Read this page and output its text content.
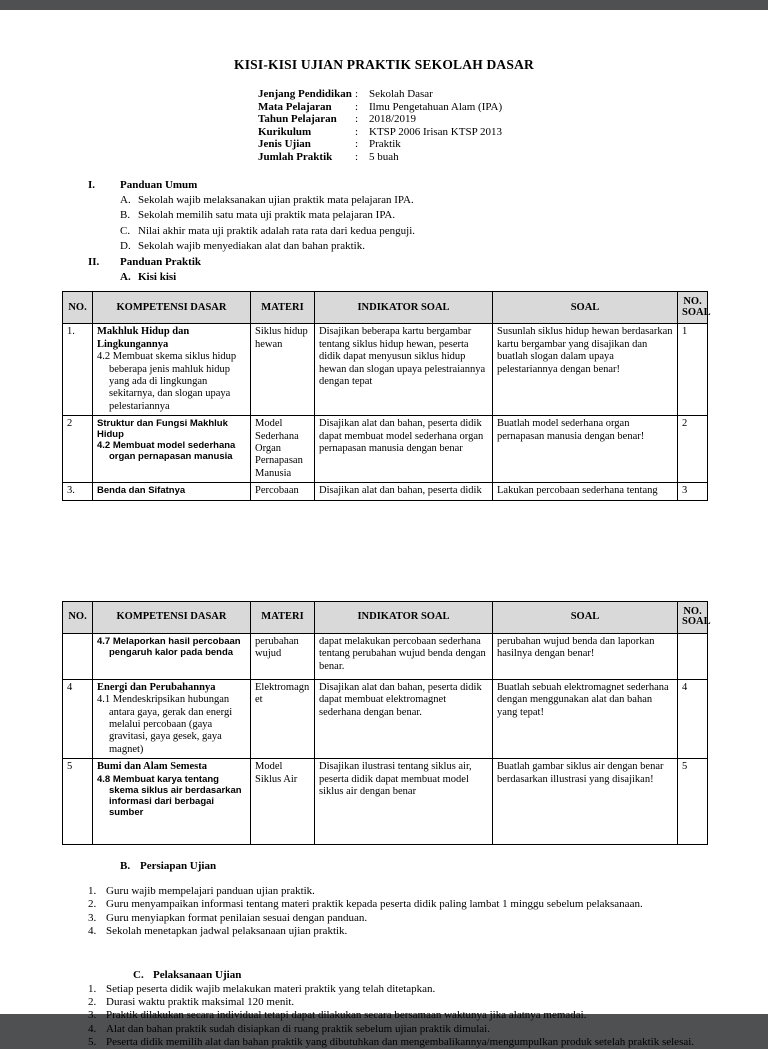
KISI-KISI UJIAN PRAKTIK SEKOLAH DASAR
Jenjang Pendidikan : Sekolah Dasar
Mata Pelajaran	: Ilmu Pengetahuan Alam (IPA)
Tahun Pelajaran	: 2018/2019
Kurikulum	: KTSP 2006 Irisan KTSP 2013
Jenis Ujian	: Praktik
Jumlah Praktik	: 5 buah
I.	Panduan Umum
A. Sekolah wajib melaksanakan ujian praktik mata pelajaran IPA.
B. Sekolah memilih satu mata uji praktik mata pelajaran IPA.
C. Nilai akhir mata uji praktik adalah rata rata dari kedua penguji.
D. Sekolah wajib menyediakan alat dan bahan praktik.
II.	Panduan Praktik
A. Kisi kisi
NO.	KOMPETENSI DASAR	MATERI	INDIKATOR SOAL	SOAL	NO. SOAL
1.	Makhluk Hidup dan Lingkungannya
4.2 Membuat skema siklus hidup beberapa jenis mahluk hidup yang ada di lingkungan sekitarnya, dan slogan upaya pelestariannya	Siklus hidup hewan	Disajikan beberapa kartu bergambar tentang siklus hidup hewan, peserta didik dapat menyusun siklus hidup hewan dan slogan upaya pelestraiannya dengan tepat	Susunlah siklus hidup hewan berdasarkan kartu bergambar yang disajikan dan buatlah slogan dalam upaya pelestariannya dengan benar!	1
2	Struktur dan Fungsi Makhluk Hidup
4.2 Membuat model sederhana organ pernapasan manusia	Model Sederhana Organ Pernapasan Manusia	Disajikan alat dan bahan, peserta didik dapat membuat model sederhana organ pernapasan manusia dengan benar	Buatlah model sederhana organ pernapasan manusia dengan benar!	2
3.	Benda dan Sifatnya	Percobaan	Disajikan alat dan bahan, peserta didik	Lakukan percobaan sederhana tentang	3
NO.	KOMPETENSI DASAR	MATERI	INDIKATOR SOAL	SOAL	NO. SOAL

	4.7 Melaporkan hasil percobaan pengaruh kalor pada benda	perubahan wujud	dapat melakukan percobaan sederhana tentang perubahan wujud benda dengan benar.	perubahan wujud benda dan laporkan hasilnya dengan benar!	
4	Energi dan Perubahannya
4.1 Mendeskripsikan hubungan antara gaya, gerak dan energi melalui percobaan (gaya gravitasi, gaya gesek, gaya magnet)	Elektromagnet	Disajikan alat dan bahan, peserta didik dapat membuat elektromagnet sederhana dengan benar.	Buatlah sebuah elektromagnet sederhana dengan menggunakan alat dan bahan yang tepat!	4
5	Bumi dan Alam Semesta
4.8 Membuat karya tentang skema siklus air berdasarkan informasi dari berbagai sumber	Model Siklus Air	Disajikan ilustrasi tentang siklus air, peserta didik dapat membuat model siklus air dengan benar	Buatlah gambar siklus air dengan benar berdasarkan illustrasi yang disajikan!	5
B. Persiapan Ujian
1. Guru wajib mempelajari panduan ujian praktik.
2. Guru menyampaikan informasi tentang materi praktik kepada peserta didik paling lambat 1 minggu sebelum pelaksanaan.
3. Guru menyiapkan format penilaian sesuai dengan panduan.
4. Sekolah menetapkan jadwal pelaksanaan ujian praktik.
C. Pelaksanaan Ujian
1. Setiap peserta didik wajib melakukan materi praktik yang telah ditetapkan.
2. Durasi waktu praktik maksimal 120 menit.
3. Praktik dilakukan secara individual tetapi dapat dilakukan secara bersamaan waktunya jika alatnya memadai.
4. Alat dan bahan praktik sudah disiapkan di ruang praktik sebelum ujian praktik dimulai.
5. Peserta didik memilih alat dan bahan praktik yang dibutuhkan dan mengembalikannya/mengumpulkan produk setelah praktik selesai.
